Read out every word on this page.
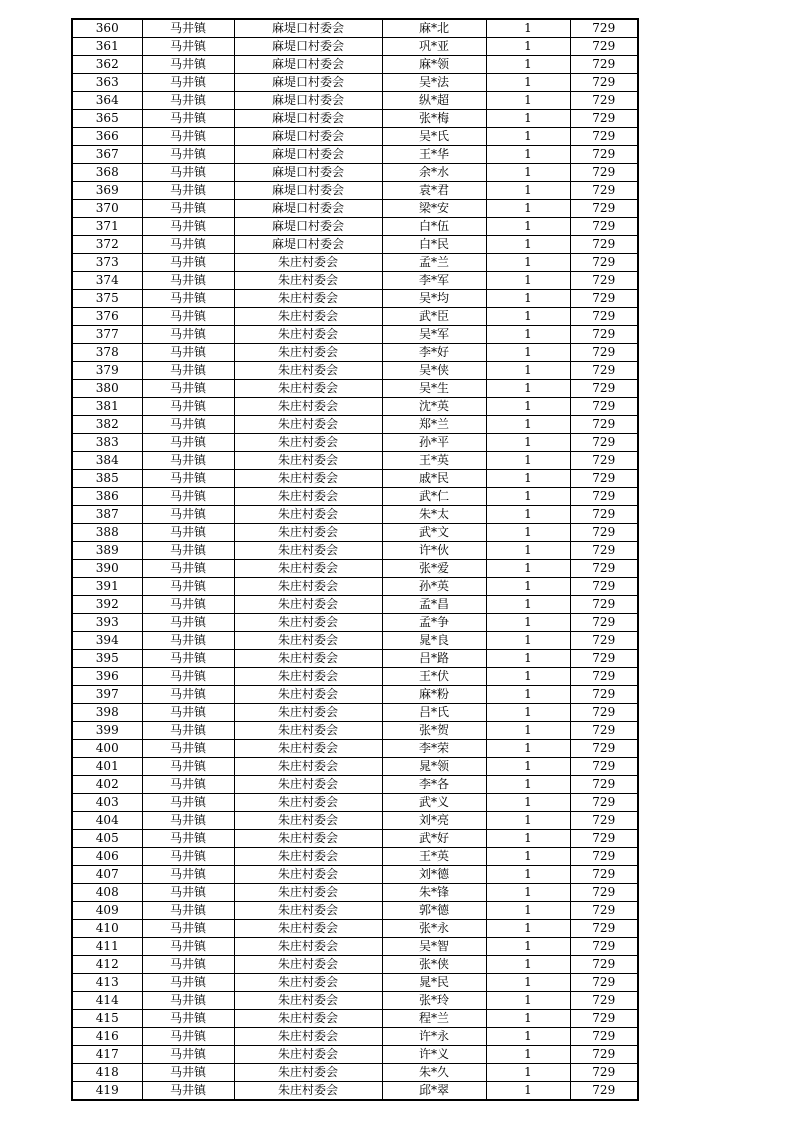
360	马井镇	麻堤口村委会	麻*北	1	729
361	马井镇	麻堤口村委会	巩*亚	1	729
362	马井镇	麻堤口村委会	麻*领	1	729
363	马井镇	麻堤口村委会	吴*法	1	729
364	马井镇	麻堤口村委会	纵*超	1	729
365	马井镇	麻堤口村委会	张*梅	1	729
366	马井镇	麻堤口村委会	吴*氏	1	729
367	马井镇	麻堤口村委会	王*华	1	729
368	马井镇	麻堤口村委会	余*水	1	729
369	马井镇	麻堤口村委会	袁*君	1	729
370	马井镇	麻堤口村委会	梁*安	1	729
371	马井镇	麻堤口村委会	白*伍	1	729
372	马井镇	麻堤口村委会	白*民	1	729
373	马井镇	朱庄村委会	孟*兰	1	729
374	马井镇	朱庄村委会	李*军	1	729
375	马井镇	朱庄村委会	吴*均	1	729
376	马井镇	朱庄村委会	武*臣	1	729
377	马井镇	朱庄村委会	吴*军	1	729
378	马井镇	朱庄村委会	李*好	1	729
379	马井镇	朱庄村委会	吴*侠	1	729
380	马井镇	朱庄村委会	吴*生	1	729
381	马井镇	朱庄村委会	沈*英	1	729
382	马井镇	朱庄村委会	郑*兰	1	729
383	马井镇	朱庄村委会	孙*平	1	729
384	马井镇	朱庄村委会	王*英	1	729
385	马井镇	朱庄村委会	戚*民	1	729
386	马井镇	朱庄村委会	武*仁	1	729
387	马井镇	朱庄村委会	朱*太	1	729
388	马井镇	朱庄村委会	武*文	1	729
389	马井镇	朱庄村委会	许*伙	1	729
390	马井镇	朱庄村委会	张*爱	1	729
391	马井镇	朱庄村委会	孙*英	1	729
392	马井镇	朱庄村委会	孟*昌	1	729
393	马井镇	朱庄村委会	孟*争	1	729
394	马井镇	朱庄村委会	晁*良	1	729
395	马井镇	朱庄村委会	吕*路	1	729
396	马井镇	朱庄村委会	王*伏	1	729
397	马井镇	朱庄村委会	麻*粉	1	729
398	马井镇	朱庄村委会	吕*氏	1	729
399	马井镇	朱庄村委会	张*贺	1	729
400	马井镇	朱庄村委会	李*荣	1	729
401	马井镇	朱庄村委会	晁*领	1	729
402	马井镇	朱庄村委会	李*各	1	729
403	马井镇	朱庄村委会	武*义	1	729
404	马井镇	朱庄村委会	刘*亮	1	729
405	马井镇	朱庄村委会	武*好	1	729
406	马井镇	朱庄村委会	王*英	1	729
407	马井镇	朱庄村委会	刘*德	1	729
408	马井镇	朱庄村委会	朱*锋	1	729
409	马井镇	朱庄村委会	郭*德	1	729
410	马井镇	朱庄村委会	张*永	1	729
411	马井镇	朱庄村委会	吴*智	1	729
412	马井镇	朱庄村委会	张*侠	1	729
413	马井镇	朱庄村委会	晁*民	1	729
414	马井镇	朱庄村委会	张*玲	1	729
415	马井镇	朱庄村委会	程*兰	1	729
416	马井镇	朱庄村委会	许*永	1	729
417	马井镇	朱庄村委会	许*义	1	729
418	马井镇	朱庄村委会	朱*久	1	729
419	马井镇	朱庄村委会	邱*翠	1	729
